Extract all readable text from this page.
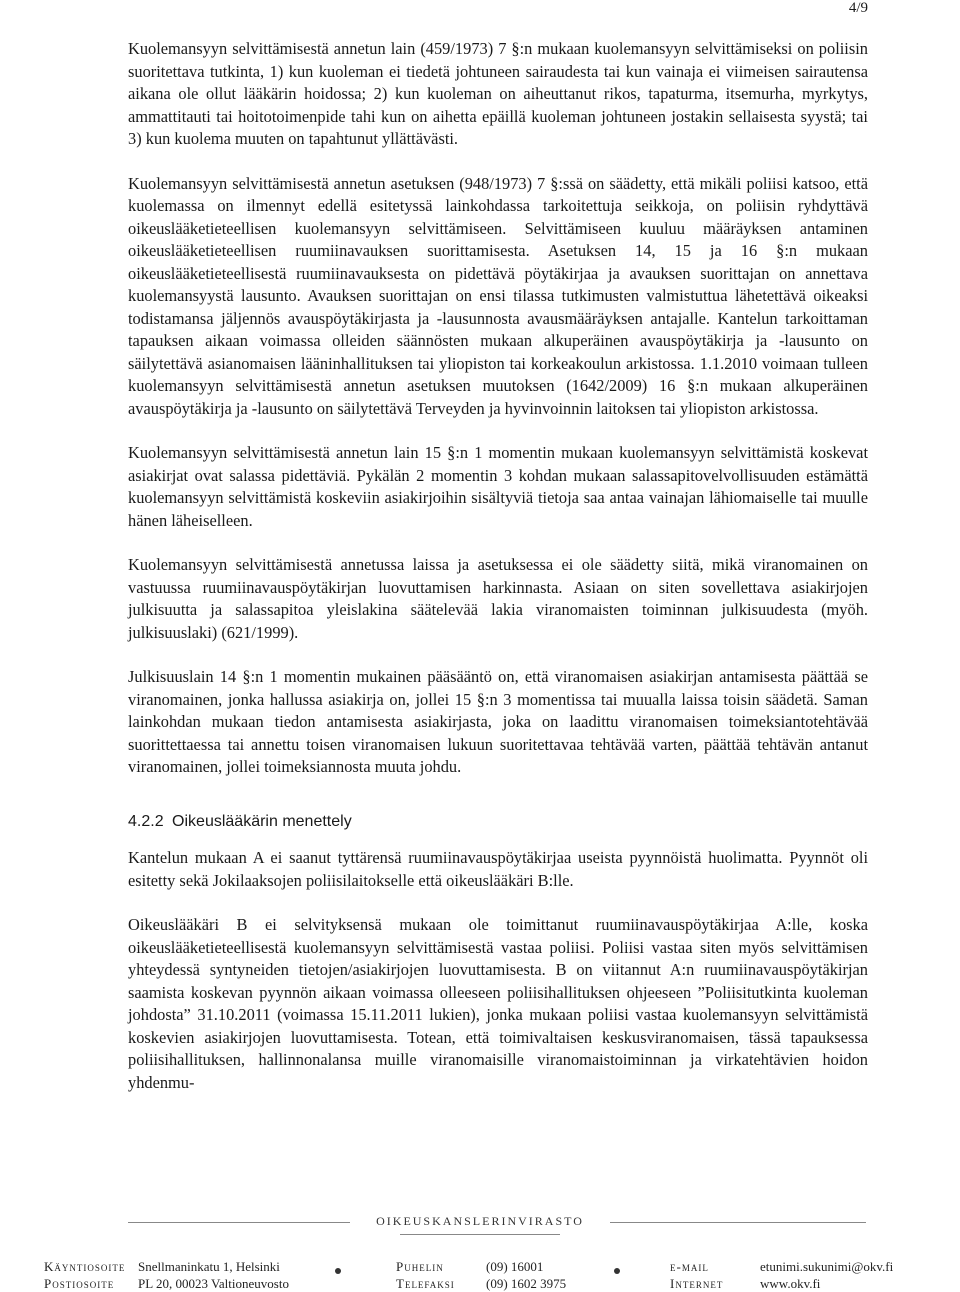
4/9

Kuolemansyyn selvittämisestä annetun lain (459/1973) 7 §:n mukaan kuolemansyyn selvittämiseksi on poliisin suoritettava tutkinta, 1) kun kuoleman ei tiedetä johtuneen sairaudesta tai kun vainaja ei viimeisen sairautensa aikana ole ollut lääkärin hoidossa; 2) kun kuoleman on aiheuttanut rikos, tapaturma, itsemurha, myrkytys, ammattitauti tai hoitotoimenpide tahi kun on aihetta epäillä kuoleman johtuneen jostakin sellaisesta syystä; tai 3) kun kuolema muuten on tapahtunut yllättävästi.

Kuolemansyyn selvittämisestä annetun asetuksen (948/1973) 7 §:ssä on säädetty, että mikäli poliisi katsoo, että kuolemassa on ilmennyt edellä esitetyssä lainkohdassa tarkoitettuja seikkoja, on poliisin ryhdyttävä oikeuslääketieteellisen kuolemansyyn selvittämiseen. Selvittämiseen kuuluu määräyksen antaminen oikeuslääketieteellisen ruumiinavauksen suorittamisesta. Asetuksen 14, 15 ja 16 §:n mukaan oikeuslääketieteellisestä ruumiinavauksesta on pidettävä pöytäkirjaa ja avauksen suorittajan on annettava kuolemansyystä lausunto. Avauksen suorittajan on ensi tilassa tutkimusten valmistuttua lähetettävä oikeaksi todistamansa jäljennös avauspöytäkirjasta ja -lausunnosta avausmääräyksen antajalle. Kantelun tarkoittaman tapauksen aikaan voimassa olleiden säännösten mukaan alkuperäinen avauspöytäkirja ja -lausunto on säilytettävä asianomaisen lääninhallituksen tai yliopiston tai korkeakoulun arkistossa. 1.1.2010 voimaan tulleen kuolemansyyn selvittämisestä annetun asetuksen muutoksen (1642/2009) 16 §:n mukaan alkuperäinen avauspöytäkirja ja -lausunto on säilytettävä Terveyden ja hyvinvoinnin laitoksen tai yliopiston arkistossa.

Kuolemansyyn selvittämisestä annetun lain 15 §:n 1 momentin mukaan kuolemansyyn selvittämistä koskevat asiakirjat ovat salassa pidettäviä. Pykälän 2 momentin 3 kohdan mukaan salassapitovelvollisuuden estämättä kuolemansyyn selvittämistä koskeviin asiakirjoihin sisältyviä tietoja saa antaa vainajan lähiomaiselle tai muulle hänen läheiselleen.

Kuolemansyyn selvittämisestä annetussa laissa ja asetuksessa ei ole säädetty siitä, mikä viranomainen on vastuussa ruumiinavauspöytäkirjan luovuttamisen harkinnasta. Asiaan on siten sovellettava asiakirjojen julkisuutta ja salassapitoa yleislakina säätelevää lakia viranomaisten toiminnan julkisuudesta (myöh. julkisuuslaki) (621/1999).

Julkisuuslain 14 §:n 1 momentin mukainen pääsääntö on, että viranomaisen asiakirjan antamisesta päättää se viranomainen, jonka hallussa asiakirja on, jollei 15 §:n 3 momentissa tai muualla laissa toisin säädetä. Saman lainkohdan mukaan tiedon antamisesta asiakirjasta, joka on laadittu viranomaisen toimeksiantotehtävää suorittettaessa tai annettu toisen viranomaisen lukuun suoritettavaa tehtävää varten, päättää tehtävän antanut viranomainen, jollei toimeksiannosta muuta johdu.

4.2.2 Oikeuslääkärin menettely

Kantelun mukaan A ei saanut tyttärensä ruumiinavauspöytäkirjaa useista pyynnöistä huolimatta. Pyynnöt oli esitetty sekä Jokilaaksojen poliisilaitokselle että oikeuslääkäri B:lle.

Oikeuslääkäri B ei selvityksensä mukaan ole toimittanut ruumiinavauspöytäkirjaa A:lle, koska oikeuslääketieteellisestä kuolemansyyn selvittämisestä vastaa poliisi. Poliisi vastaa siten myös selvittämisen yhteydessä syntyneiden tietojen/asiakirjojen luovuttamisesta. B on viitannut A:n ruumiinavauspöytäkirjan saamista koskevan pyynnön aikaan voimassa olleeseen poliisihallituksen ohjeeseen ”Poliisitutkinta kuoleman johdosta” 31.10.2011 (voimassa 15.11.2011 lukien), jonka mukaan poliisi vastaa kuolemansyyn selvittämistä koskevien asiakirjojen luovuttamisesta. Totean, että toimivaltaisen keskusviranomaisen, tässä tapauksessa poliisihallituksen, hallinnonalansa muille viranomaisille viranomaistoiminnan ja virkatehtävien hoidon yhdenmu-

OIKEUSKANSLERINVIRASTO
Käyntiosoite
Postiosoite
Snellmaninkatu 1, Helsinki
PL 20, 00023 Valtioneuvosto
Puhelin
Telefaksi
(09) 16001
(09) 1602 3975
e-mail
Internet
etunimi.sukunimi@okv.fi
www.okv.fi
